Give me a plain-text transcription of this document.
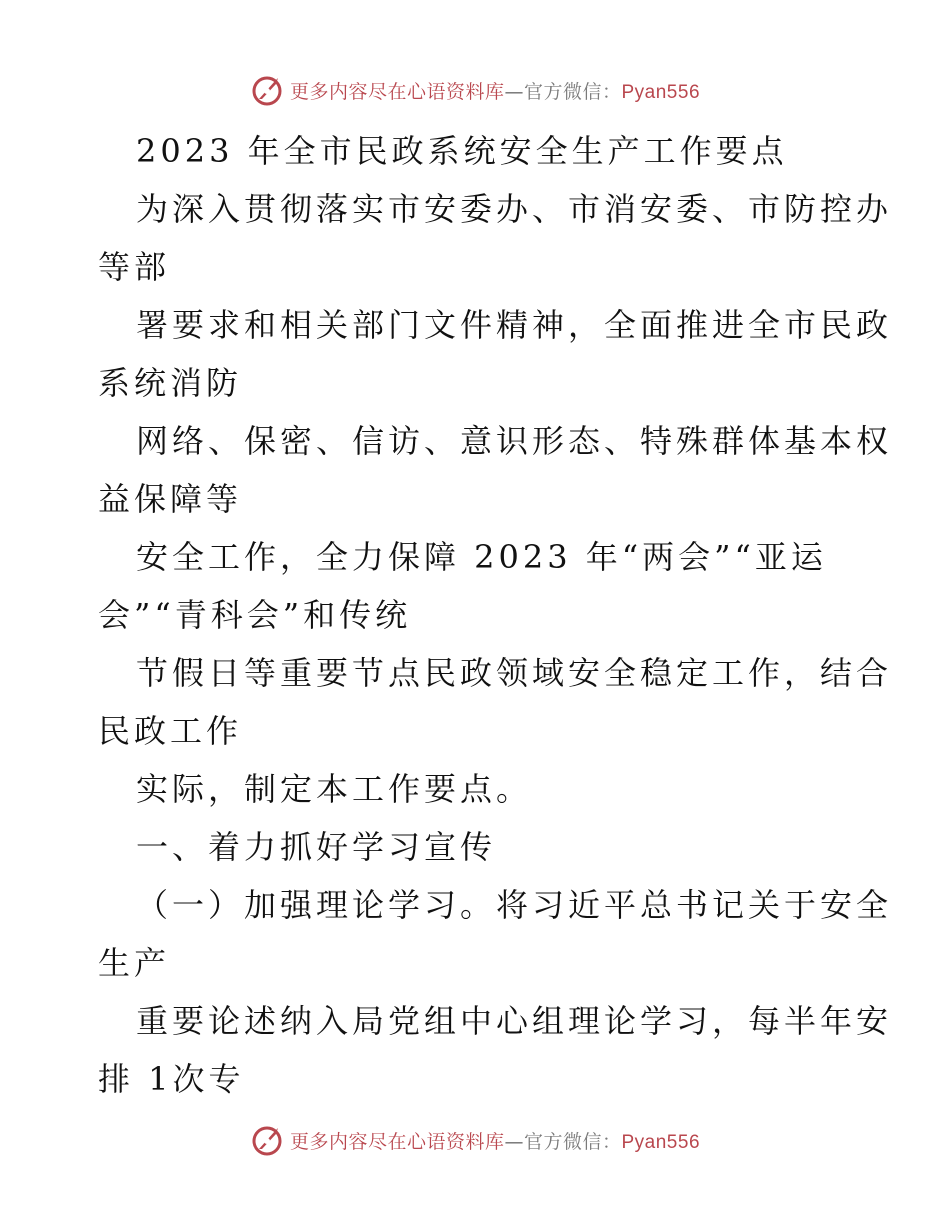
更多内容尽在心语资料库—官方微信：Pyan556

2023 年全市民政系统安全生产工作要点

为深入贯彻落实市安委办、市消安委、市防控办

等部

署要求和相关部门文件精神，全面推进全市民政

系统消防

网络、保密、信访、意识形态、特殊群体基本权

益保障等

安全工作，全力保障 2023 年“两会”“亚运

会”“青科会”和传统

节假日等重要节点民政领域安全稳定工作，结合

民政工作

实际，制定本工作要点。

一、着力抓好学习宣传

（一）加强理论学习。将习近平总书记关于安全

生产

重要论述纳入局党组中心组理论学习，每半年安

排 1次专

更多内容尽在心语资料库—官方微信：Pyan556
